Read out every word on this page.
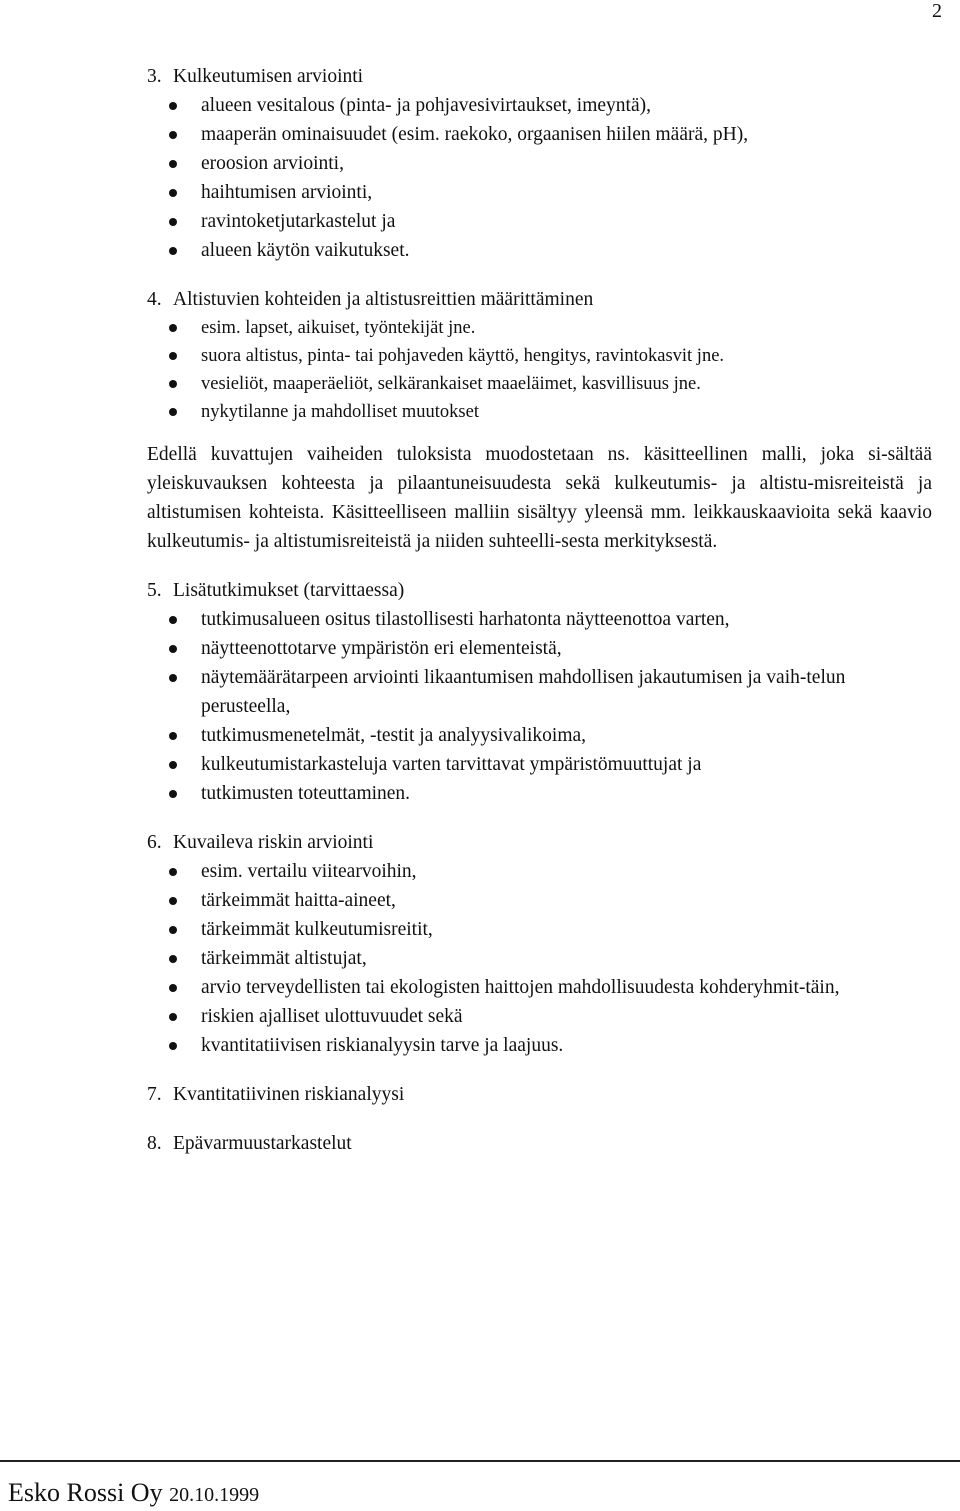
2
3. Kulkeutumisen arviointi
alueen vesitalous (pinta- ja pohjavesivirtaukset, imeyntä),
maaperän ominaisuudet (esim. raekoko, orgaanisen hiilen määrä, pH),
eroosion arviointi,
haihtumisen arviointi,
ravintoketjutarkastelut ja
alueen käytön vaikutukset.
4. Altistuvien kohteiden ja altistusreittien määrittäminen
esim. lapset, aikuiset, työntekijät jne.
suora altistus, pinta- tai pohjaveden käyttö, hengitys, ravintokasvit jne.
vesieliöt, maaperäeliöt, selkärankaiset maaeläimet, kasvillisuus jne.
nykytilanne ja mahdolliset muutokset
Edellä kuvattujen vaiheiden tuloksista muodostetaan ns. käsitteellinen malli, joka si-sältää yleiskuvauksen kohteesta ja pilaantuneisuudesta sekä kulkeutumis- ja altistu-misreiteistä ja altistumisen kohteista. Käsitteelliseen malliin sisältyy yleensä mm. leikkauskaavioita sekä kaavio kulkeutumis- ja altistumisreiteistä ja niiden suhteelli-sesta merkityksestä.
5. Lisätutkimukset (tarvittaessa)
tutkimusalueen ositus tilastollisesti harhatonta näytteenottoa varten,
näytteenottotarve ympäristön eri elementeistä,
näytemäärätarpeen arviointi likaantumisen mahdollisen jakautumisen ja vaih-telun perusteella,
tutkimusmenetelmät, -testit ja analyysivalikoima,
kulkeutumistarkasteluja varten tarvittavat ympäristömuuttujat ja
tutkimusten toteuttaminen.
6. Kuvaileva riskin arviointi
esim. vertailu viitearvoihin,
tärkeimmät haitta-aineet,
tärkeimmät kulkeutumisreitit,
tärkeimmät altistujat,
arvio terveydellisten tai ekologisten haittojen mahdollisuudesta kohderyhmit-täin,
riskien ajalliset ulottuvuudet sekä
kvantitatiivisen riskianalyysin tarve ja laajuus.
7. Kvantitatiivinen riskianalyysi
8. Epävarmuustarkastelut
Esko Rossi Oy 20.10.1999
